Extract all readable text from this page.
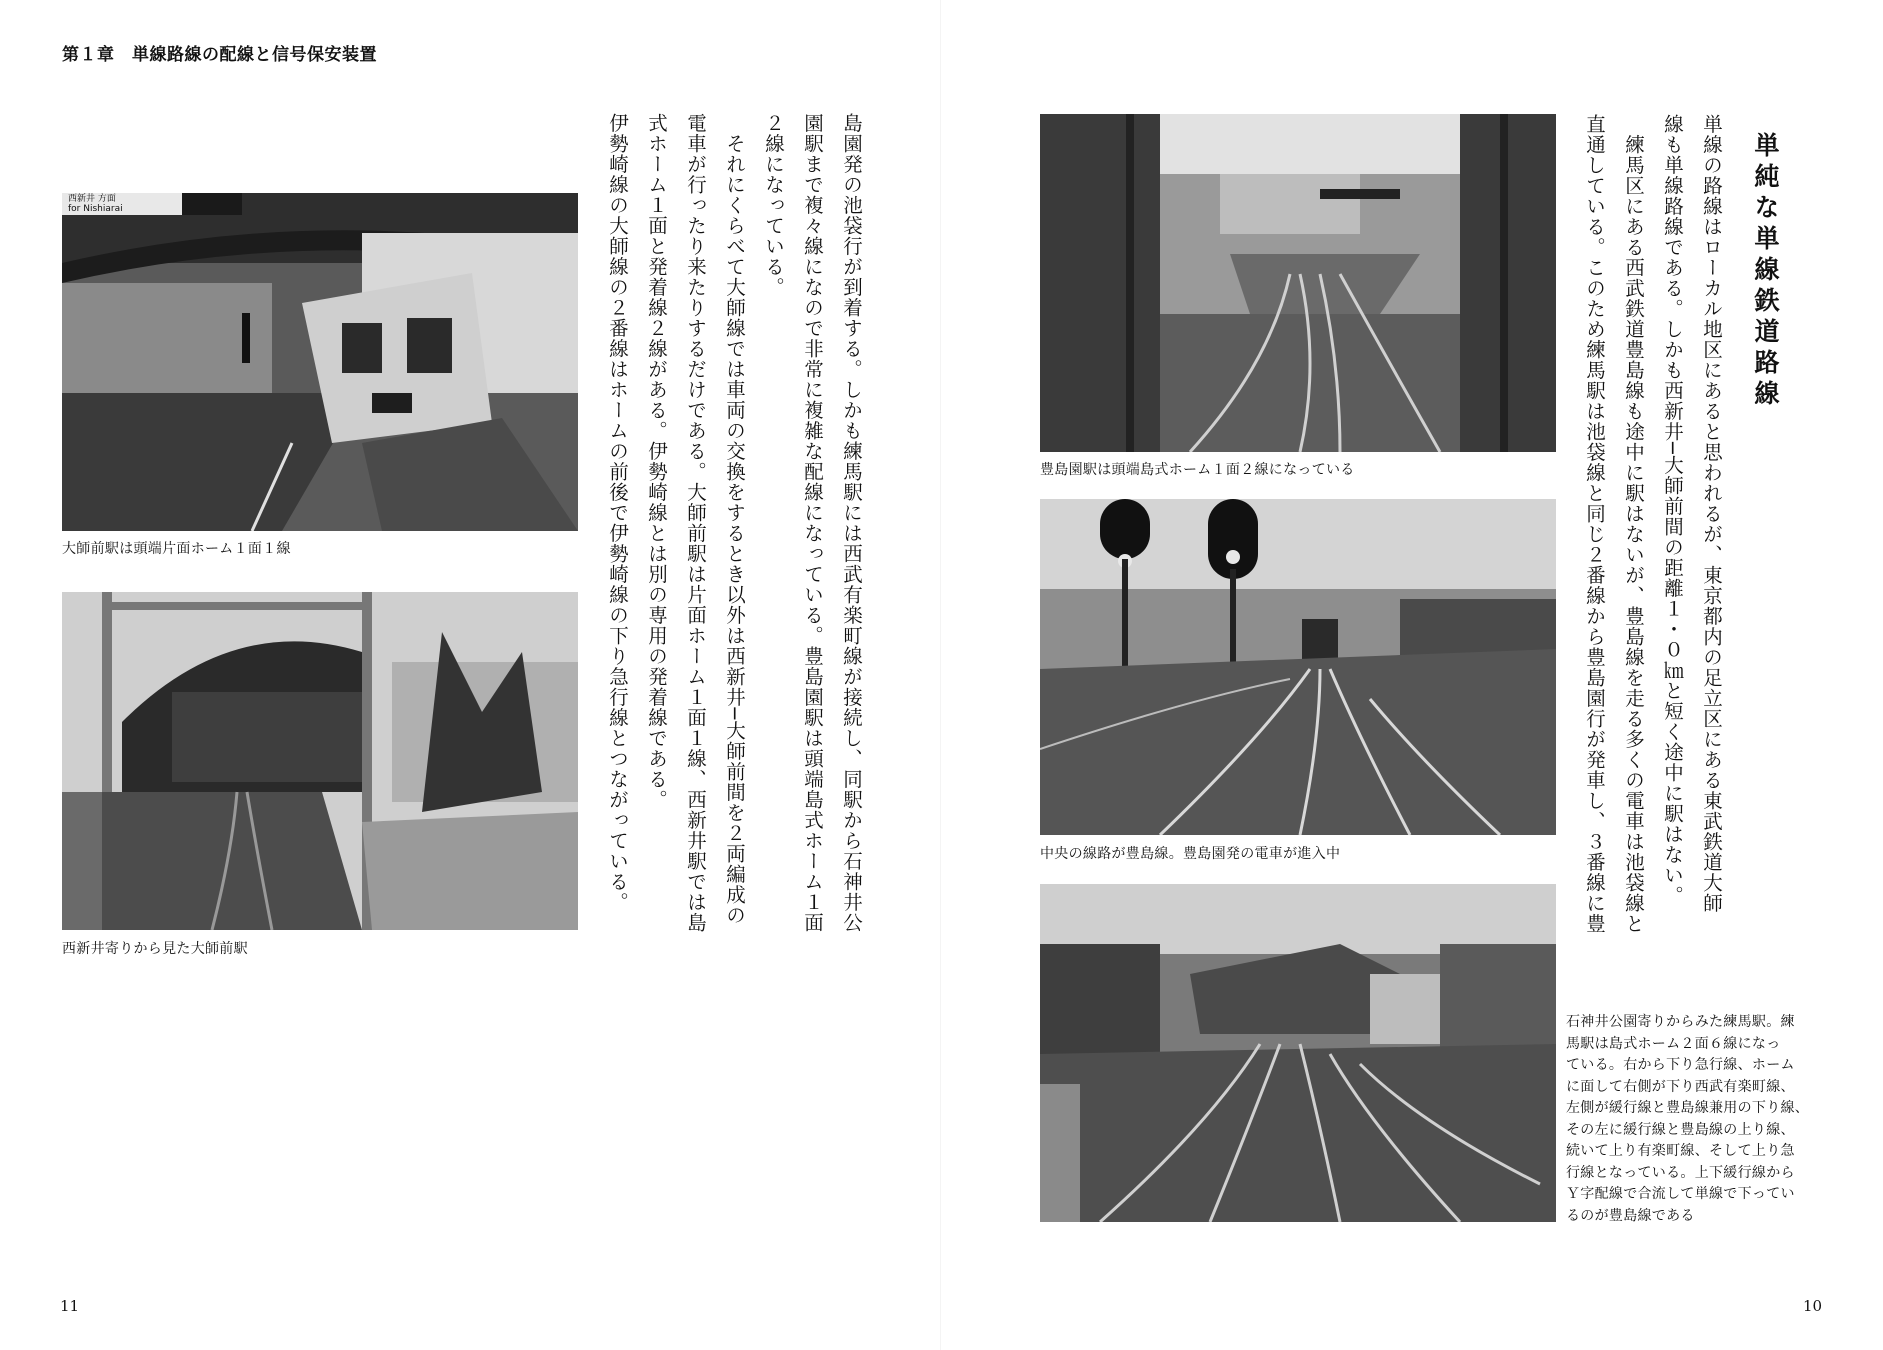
第１章　単線路線の配線と信号保安装置
西新井 方面
for Nishiarai
大師前駅は頭端片面ホーム１面１線
西新井寄りから見た大師前駅
島園発の池袋行が到着する。しかも練馬駅には西武有楽町線が接続し、同駅から石神井公
園駅まで複々線になので非常に複雑な配線になっている。豊島園駅は頭端島式ホーム１面
２線になっている。
　それにくらべて大師線では車両の交換をするとき以外は西新井─大師前間を２両編成の
電車が行ったり来たりするだけである。大師前駅は片面ホーム１面１線、西新井駅では島
式ホーム１面と発着線２線がある。伊勢崎線とは別の専用の発着線である。
伊勢崎線の大師線の２番線はホームの前後で伊勢崎線の下り急行線とつながっている。
11
豊島園駅は頭端島式ホーム１面２線になっている
中央の線路が豊島線。豊島園発の電車が進入中
石神井公園寄りからみた練馬駅。練
馬駅は島式ホーム２面６線になっ
ている。右から下り急行線、ホーム
に面して右側が下り西武有楽町線、
左側が緩行線と豊島線兼用の下り線、
その左に緩行線と豊島線の上り線、
続いて上り有楽町線、そして上り急
行線となっている。上下緩行線から
Ｙ字配線で合流して単線で下ってい
るのが豊島線である
単線の路線はローカル地区にあると思われるが、東京都内の足立区にある東武鉄道大師
線も単線路線である。しかも西新井─大師前間の距離１・０㎞と短く途中に駅はない。
　練馬区にある西武鉄道豊島線も途中に駅はないが、豊島線を走る多くの電車は池袋線と
直通している。このため練馬駅は池袋線と同じ２番線から豊島園行が発車し、３番線に豊	単純な単線鉄道路線
10
